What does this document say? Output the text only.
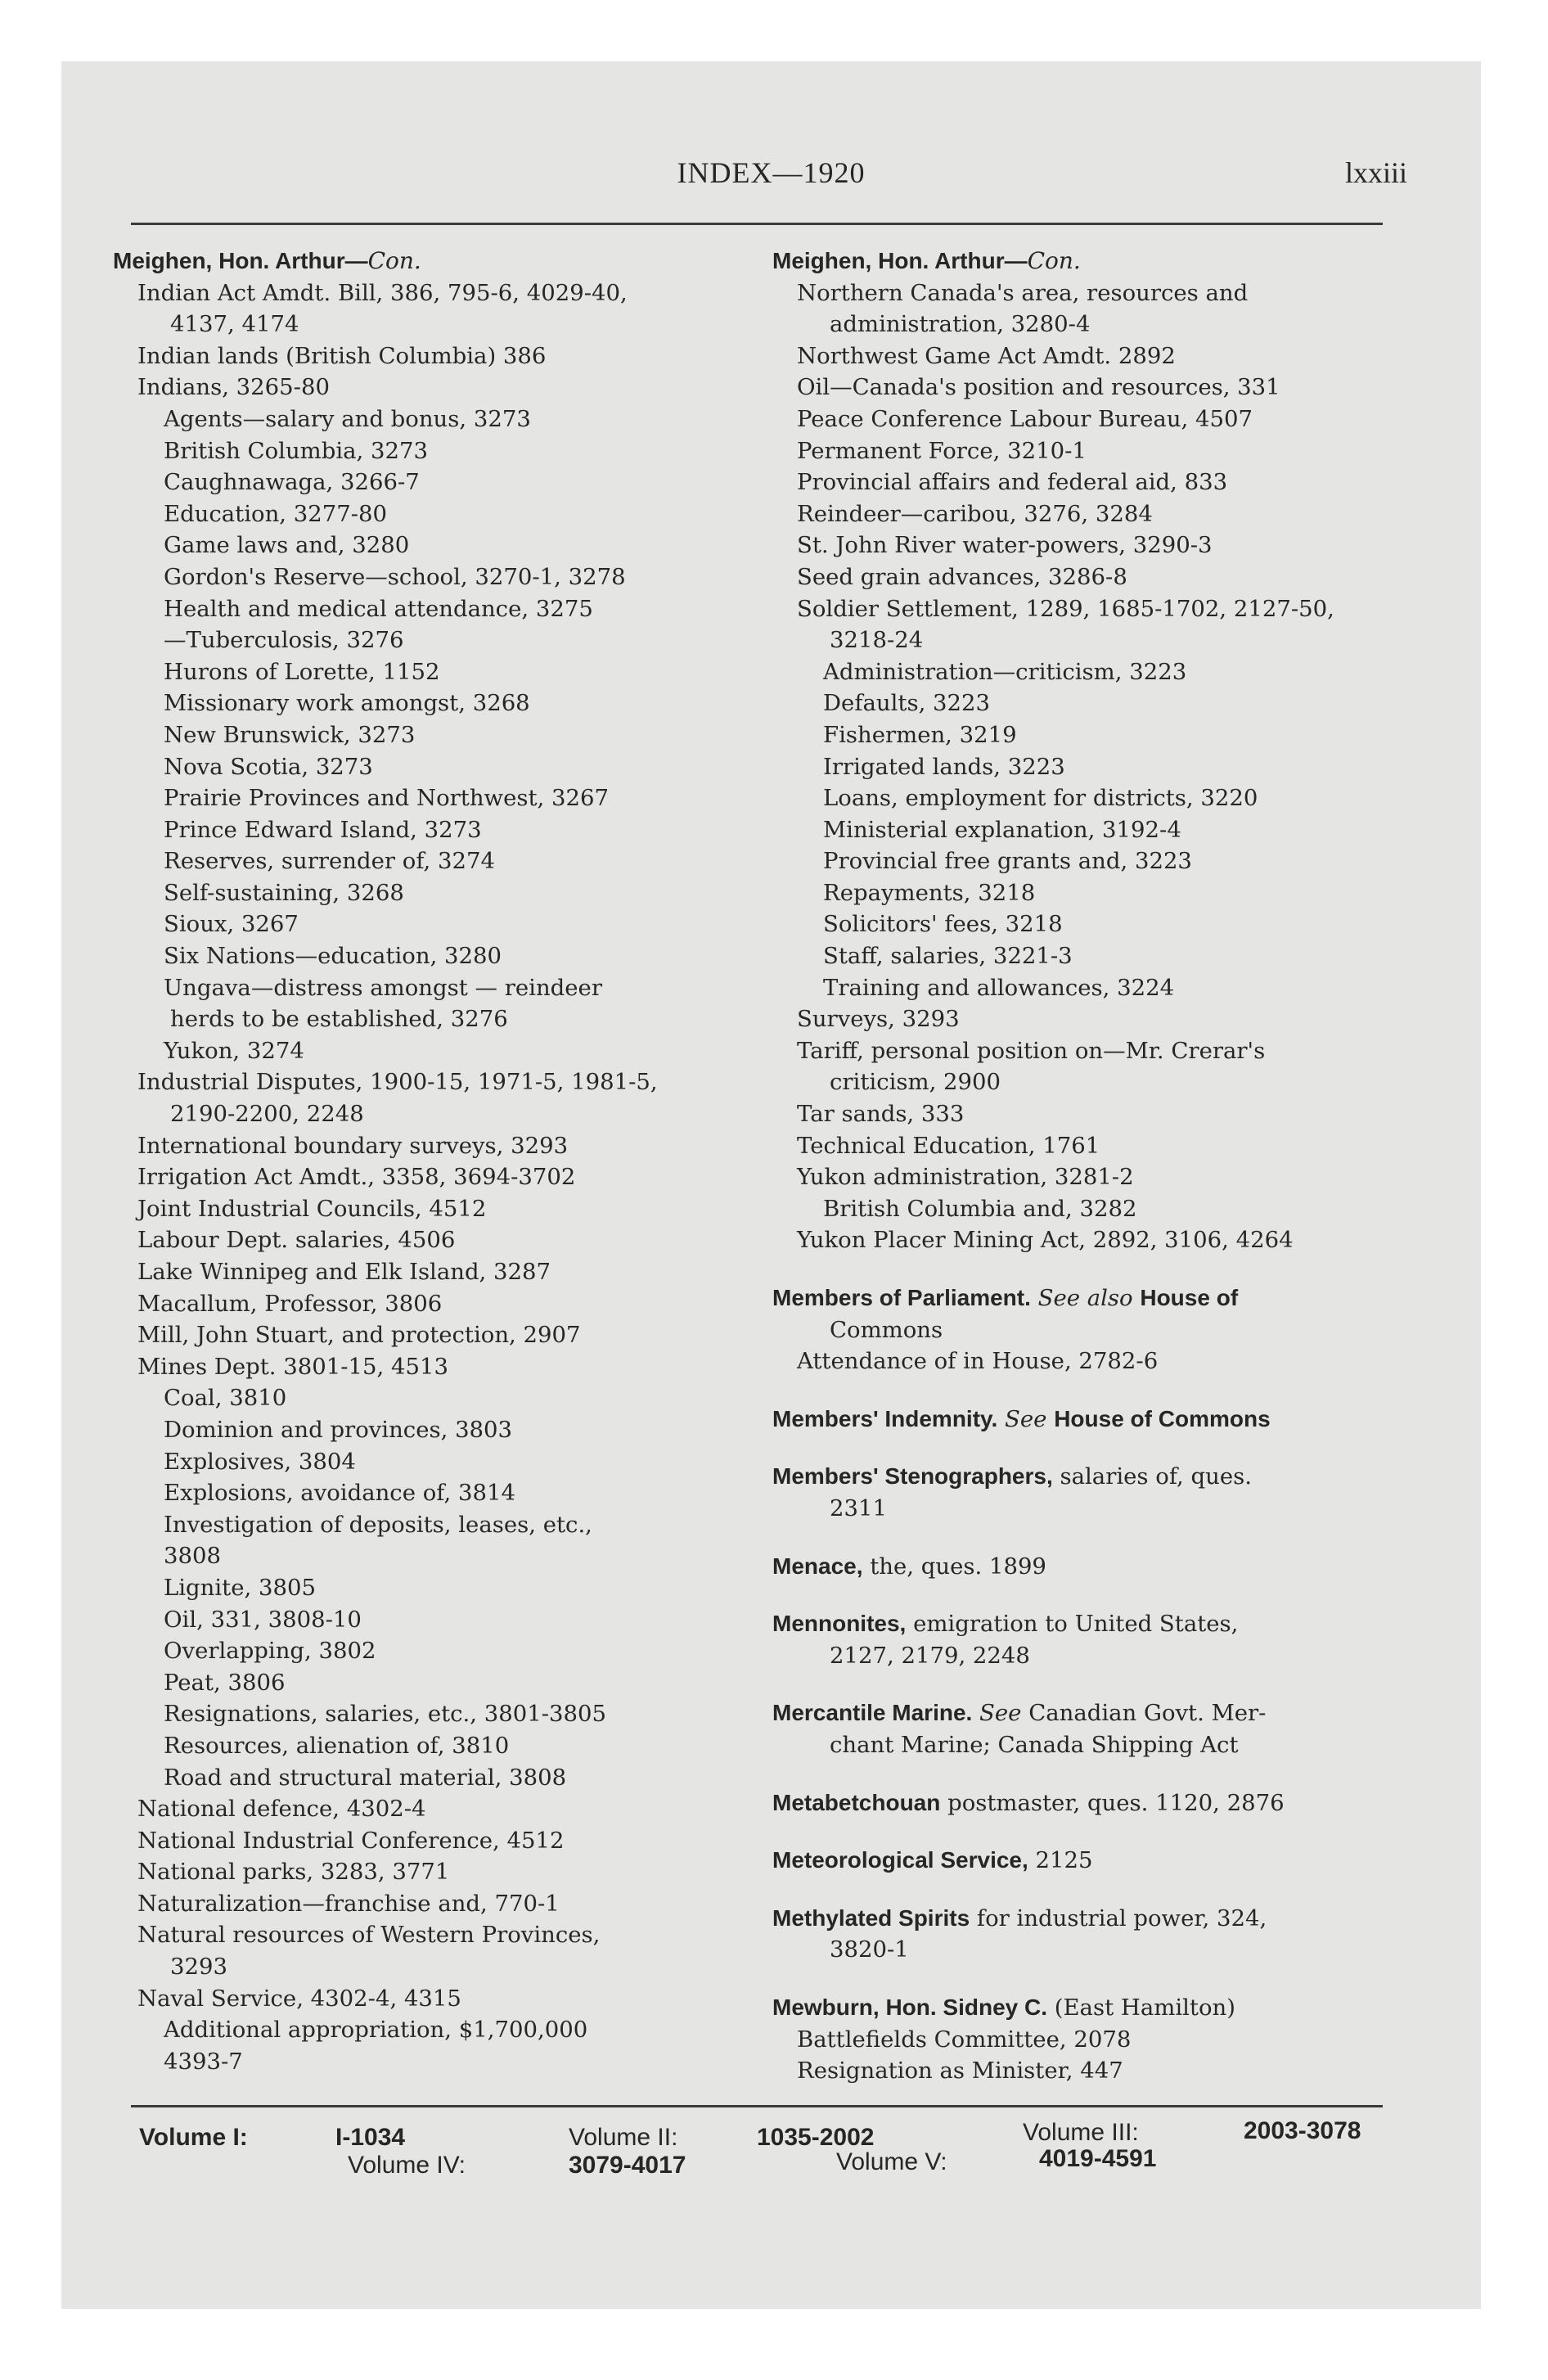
INDEX—1920	lxxiii
Meighen, Hon. Arthur—Con.
Indian Act Amdt. Bill, 386, 795-6, 4029-40,
4137, 4174
Indian lands (British Columbia) 386
Indians, 3265-80
Agents—salary and bonus, 3273
British Columbia, 3273
Caughnawaga, 3266-7
Education, 3277-80
Game laws and, 3280
Gordon's Reserve—school, 3270-1, 3278
Health and medical attendance, 3275
—Tuberculosis, 3276
Hurons of Lorette, 1152
Missionary work amongst, 3268
New Brunswick, 3273
Nova Scotia, 3273
Prairie Provinces and Northwest, 3267
Prince Edward Island, 3273
Reserves, surrender of, 3274
Self-sustaining, 3268
Sioux, 3267
Six Nations—education, 3280
Ungava—distress amongst — reindeer
herds to be established, 3276
Yukon, 3274
Industrial Disputes, 1900-15, 1971-5, 1981-5,
2190-2200, 2248
International boundary surveys, 3293
Irrigation Act Amdt., 3358, 3694-3702
Joint Industrial Councils, 4512
Labour Dept. salaries, 4506
Lake Winnipeg and Elk Island, 3287
Macallum, Professor, 3806
Mill, John Stuart, and protection, 2907
Mines Dept. 3801-15, 4513
Coal, 3810
Dominion and provinces, 3803
Explosives, 3804
Explosions, avoidance of, 3814
Investigation of deposits, leases, etc.,
3808
Lignite, 3805
Oil, 331, 3808-10
Overlapping, 3802
Peat, 3806
Resignations, salaries, etc., 3801-3805
Resources, alienation of, 3810
Road and structural material, 3808
National defence, 4302-4
National Industrial Conference, 4512
National parks, 3283, 3771
Naturalization—franchise and, 770-1
Natural resources of Western Provinces,
3293
Naval Service, 4302-4, 4315
Additional appropriation, $1,700,000
4393-7
Meighen, Hon. Arthur—Con.
Northern Canada's area, resources and
administration, 3280-4
Northwest Game Act Amdt. 2892
Oil—Canada's position and resources, 331
Peace Conference Labour Bureau, 4507
Permanent Force, 3210-1
Provincial affairs and federal aid, 833
Reindeer—caribou, 3276, 3284
St. John River water-powers, 3290-3
Seed grain advances, 3286-8
Soldier Settlement, 1289, 1685-1702, 2127-50,
3218-24
Administration—criticism, 3223
Defaults, 3223
Fishermen, 3219
Irrigated lands, 3223
Loans, employment for districts, 3220
Ministerial explanation, 3192-4
Provincial free grants and, 3223
Repayments, 3218
Solicitors' fees, 3218
Staff, salaries, 3221-3
Training and allowances, 3224
Surveys, 3293
Tariff, personal position on—Mr. Crerar's
criticism, 2900
Tar sands, 333
Technical Education, 1761
Yukon administration, 3281-2
British Columbia and, 3282
Yukon Placer Mining Act, 2892, 3106, 4264
Members of Parliament. See also House of
Commons
Attendance of in House, 2782-6
Members' Indemnity. See House of Commons
Members' Stenographers, salaries of, ques.
2311
Menace, the, ques. 1899
Mennonites, emigration to United States,
2127, 2179, 2248
Mercantile Marine. See Canadian Govt. Mer-
chant Marine; Canada Shipping Act
Metabetchouan postmaster, ques. 1120, 2876
Meteorological Service, 2125
Methylated Spirits for industrial power, 324,
3820-1
Mewburn, Hon. Sidney C. (East Hamilton)
Battlefields Committee, 2078
Resignation as Minister, 447
Volume I:	I-1034	Volume II:	1035-2002	Volume III:	2003-3078
Volume IV:	3079-4017	Volume V:	4019-4591
